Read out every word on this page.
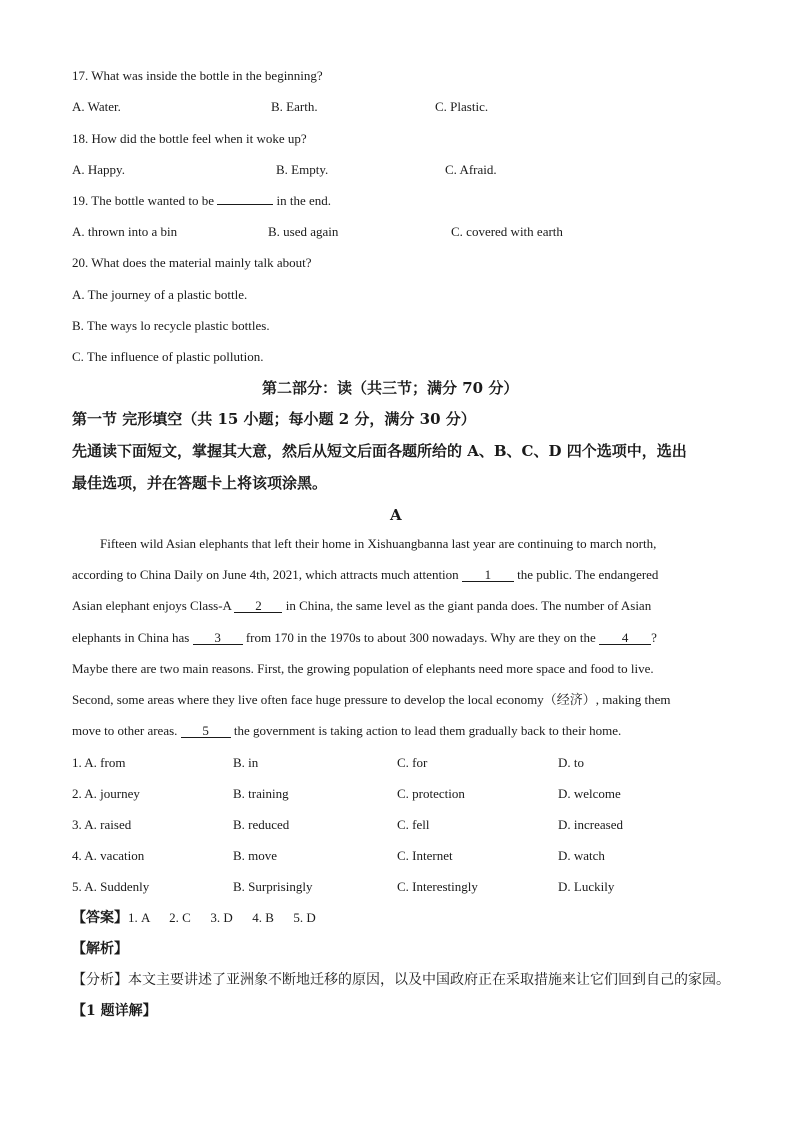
17. What was inside the bottle in the beginning?
A. Water.	B. Earth.	C. Plastic.
18. How did the bottle feel when it woke up?
A. Happy.	B. Empty.	C. Afraid.
19. The bottle wanted to be	in the end.
A. thrown into a bin	B. used again	C. covered with earth
20. What does the material mainly talk about?
A. The journey of a plastic bottle.
B. The ways lo recycle plastic bottles.
C. The influence of plastic pollution.
第二部分：读（共三节；满分 70 分）
第一节 完形填空（共 15 小题；每小题 2 分，满分 30 分）
先通读下面短文，掌握其大意，然后从短文后面各题所给的 A、B、C、D 四个选项中，选出
最佳选项，并在答题卡上将该项涂黑。
A
Fifteen wild Asian elephants that left their home in Xishuangbanna last year are continuing to march north,
according to China Daily on June 4th, 2021, which attracts much attention 1 the public. The endangered
Asian elephant enjoys Class-A 2 in China, the same level as the giant panda does. The number of Asian
elephants in China has 3 from 170 in the 1970s to about 300 nowadays. Why are they on the 4 ?
Maybe there are two main reasons. First, the growing population of elephants need more space and food to live.
Second, some areas where they live often face huge pressure to develop the local economy（经济）, making them
move to other areas. 5 the government is taking action to lead them gradually back to their home.
1. A. from	B. in	C. for	D. to
2. A. journey	B. training	C. protection	D. welcome
3. A. raised	B. reduced	C. fell	D. increased
4. A. vacation	B. move	C. Internet	D. watch
5. A. Suddenly	B. Surprisingly	C. Interestingly	D. Luckily
【答案】1. A      2. C      3. D      4. B      5. D
【解析】
【分析】本文主要讲述了亚洲象不断地迁移的原因，以及中国政府正在采取措施来让它们回到自己的家园。
【1 题详解】
